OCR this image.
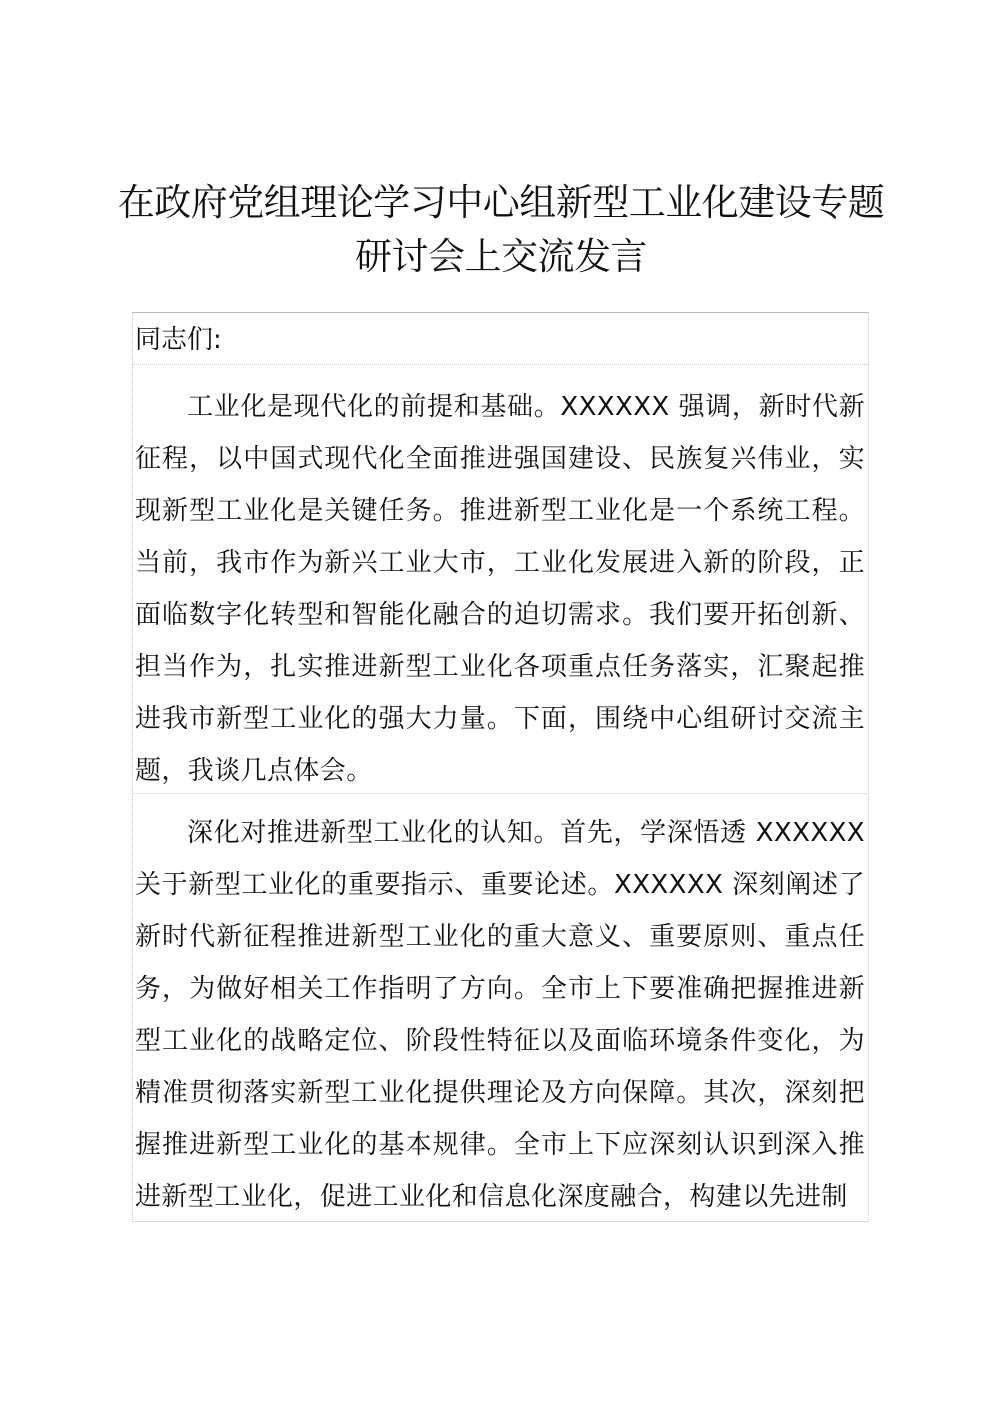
在政府党组理论学习中心组新型工业化建设专题研讨会上交流发言

同志们:

工业化是现代化的前提和基础。XXXXXX 强调，新时代新征程，以中国式现代化全面推进强国建设、民族复兴伟业，实现新型工业化是关键任务。推进新型工业化是一个系统工程。当前，我市作为新兴工业大市，工业化发展进入新的阶段，正面临数字化转型和智能化融合的迫切需求。我们要开拓创新、担当作为，扎实推进新型工业化各项重点任务落实，汇聚起推进我市新型工业化的强大力量。下面，围绕中心组研讨交流主题，我谈几点体会。

深化对推进新型工业化的认知。首先，学深悟透 XXXXXX 关于新型工业化的重要指示、重要论述。XXXXXX 深刻阐述了新时代新征程推进新型工业化的重大意义、重要原则、重点任务，为做好相关工作指明了方向。全市上下要准确把握推进新型工业化的战略定位、阶段性特征以及面临环境条件变化，为精准贯彻落实新型工业化提供理论及方向保障。其次，深刻把握推进新型工业化的基本规律。全市上下应深刻认识到深入推进新型工业化，促进工业化和信息化深度融合，构建以先进制
